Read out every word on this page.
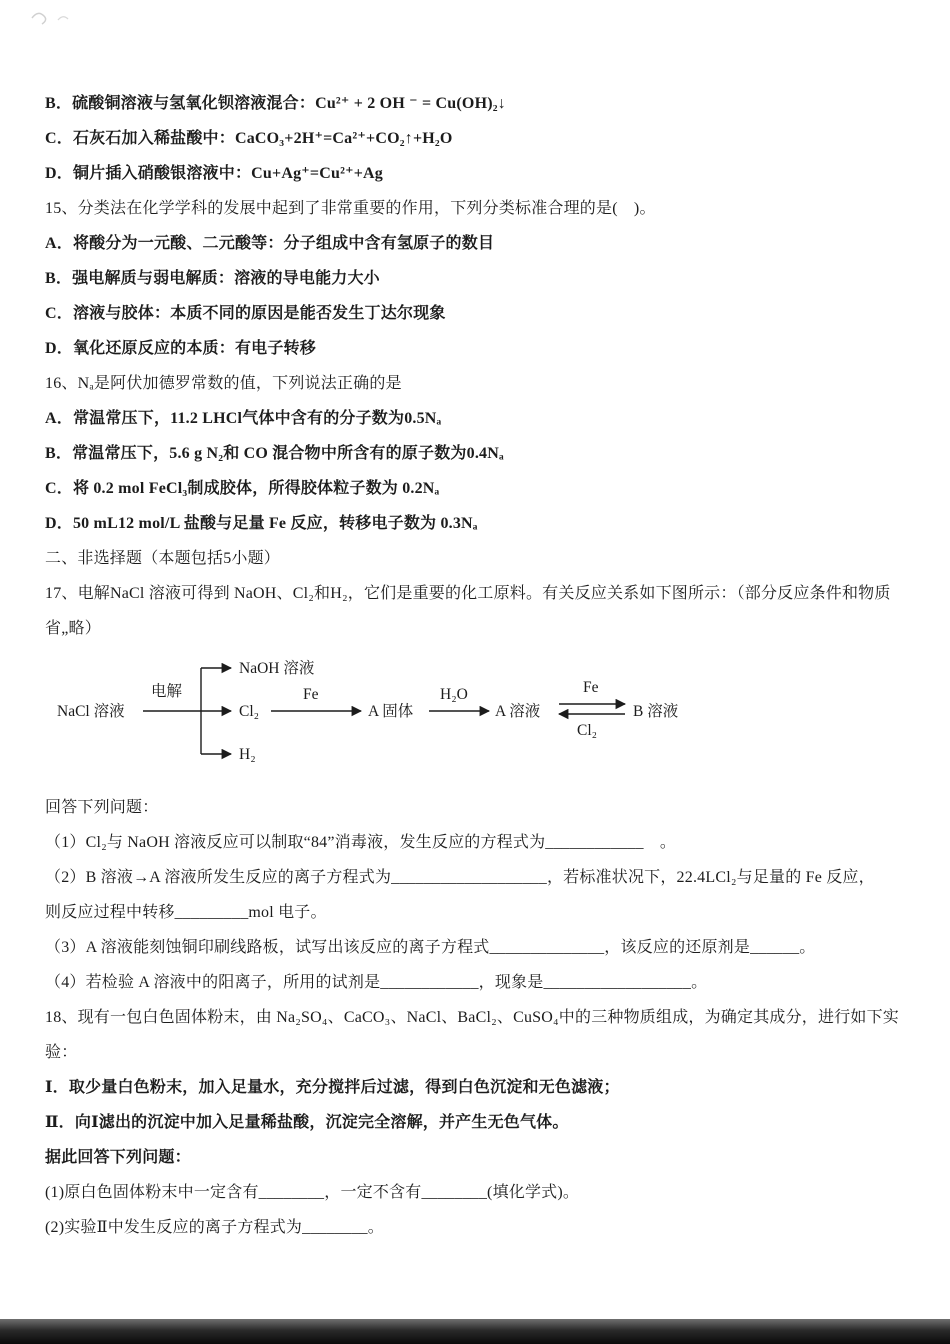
B．硫酸铜溶液与氢氧化钡溶液混合：Cu²⁺ + 2 OH ⁻ = Cu(OH)₂↓

C．石灰石加入稀盐酸中：CaCO₃+2H⁺=Ca²⁺+CO₂↑+H₂O

D．铜片插入硝酸银溶液中：Cu+Ag⁺=Cu²⁺+Ag

15、分类法在化学学科的发展中起到了非常重要的作用，下列分类标准合理的是(　)。

A．将酸分为一元酸、二元酸等：分子组成中含有氢原子的数目

B．强电解质与弱电解质：溶液的导电能力大小

C．溶液与胶体：本质不同的原因是能否发生丁达尔现象

D．氧化还原反应的本质：有电子转移

16、Nₐ是阿伏加德罗常数的值，下列说法正确的是

A．常温常压下，11.2 LHCl气体中含有的分子数为0.5Nₐ

B．常温常压下，5.6 g N₂和 CO 混合物中所含有的原子数为0.4Nₐ

C．将 0.2 mol FeCl₃制成胶体，所得胶体粒子数为 0.2Nₐ

D．50 mL12 mol/L 盐酸与足量 Fe 反应，转移电子数为 0.3Nₐ

二、非选择题（本题包括5小题）

17、电解NaCl 溶液可得到 NaOH、Cl₂和H₂，它们是重要的化工原料。有关反应关系如下图所示：（部分反应条件和物质

省„略）

NaCl 溶液
电解
NaOH 溶液
Cl₂
H₂
Fe
A 固体
H₂O
A 溶液
Fe
Cl₂
B 溶液

回答下列问题：

（1）Cl₂与 NaOH 溶液反应可以制取“84”消毒液，发生反应的方程式为____________　。

（2）B 溶液→A 溶液所发生反应的离子方程式为___________________，若标准状况下，22.4LCl₂与足量的 Fe 反应，

则反应过程中转移_________mol 电子。

（3）A 溶液能刻蚀铜印刷线路板，试写出该反应的离子方程式______________，该反应的还原剂是______。

（4）若检验 A 溶液中的阳离子，所用的试剂是____________，现象是__________________。

18、现有一包白色固体粉末，由 Na₂SO₄、CaCO₃、NaCl、BaCl₂、CuSO₄中的三种物质组成，为确定其成分，进行如下实

验：

Ⅰ．取少量白色粉末，加入足量水，充分搅拌后过滤，得到白色沉淀和无色滤液；

Ⅱ．向Ⅰ滤出的沉淀中加入足量稀盐酸，沉淀完全溶解，并产生无色气体。

据此回答下列问题：

(1)原白色固体粉末中一定含有________，一定不含有________(填化学式)。

(2)实验Ⅱ中发生反应的离子方程式为________。
